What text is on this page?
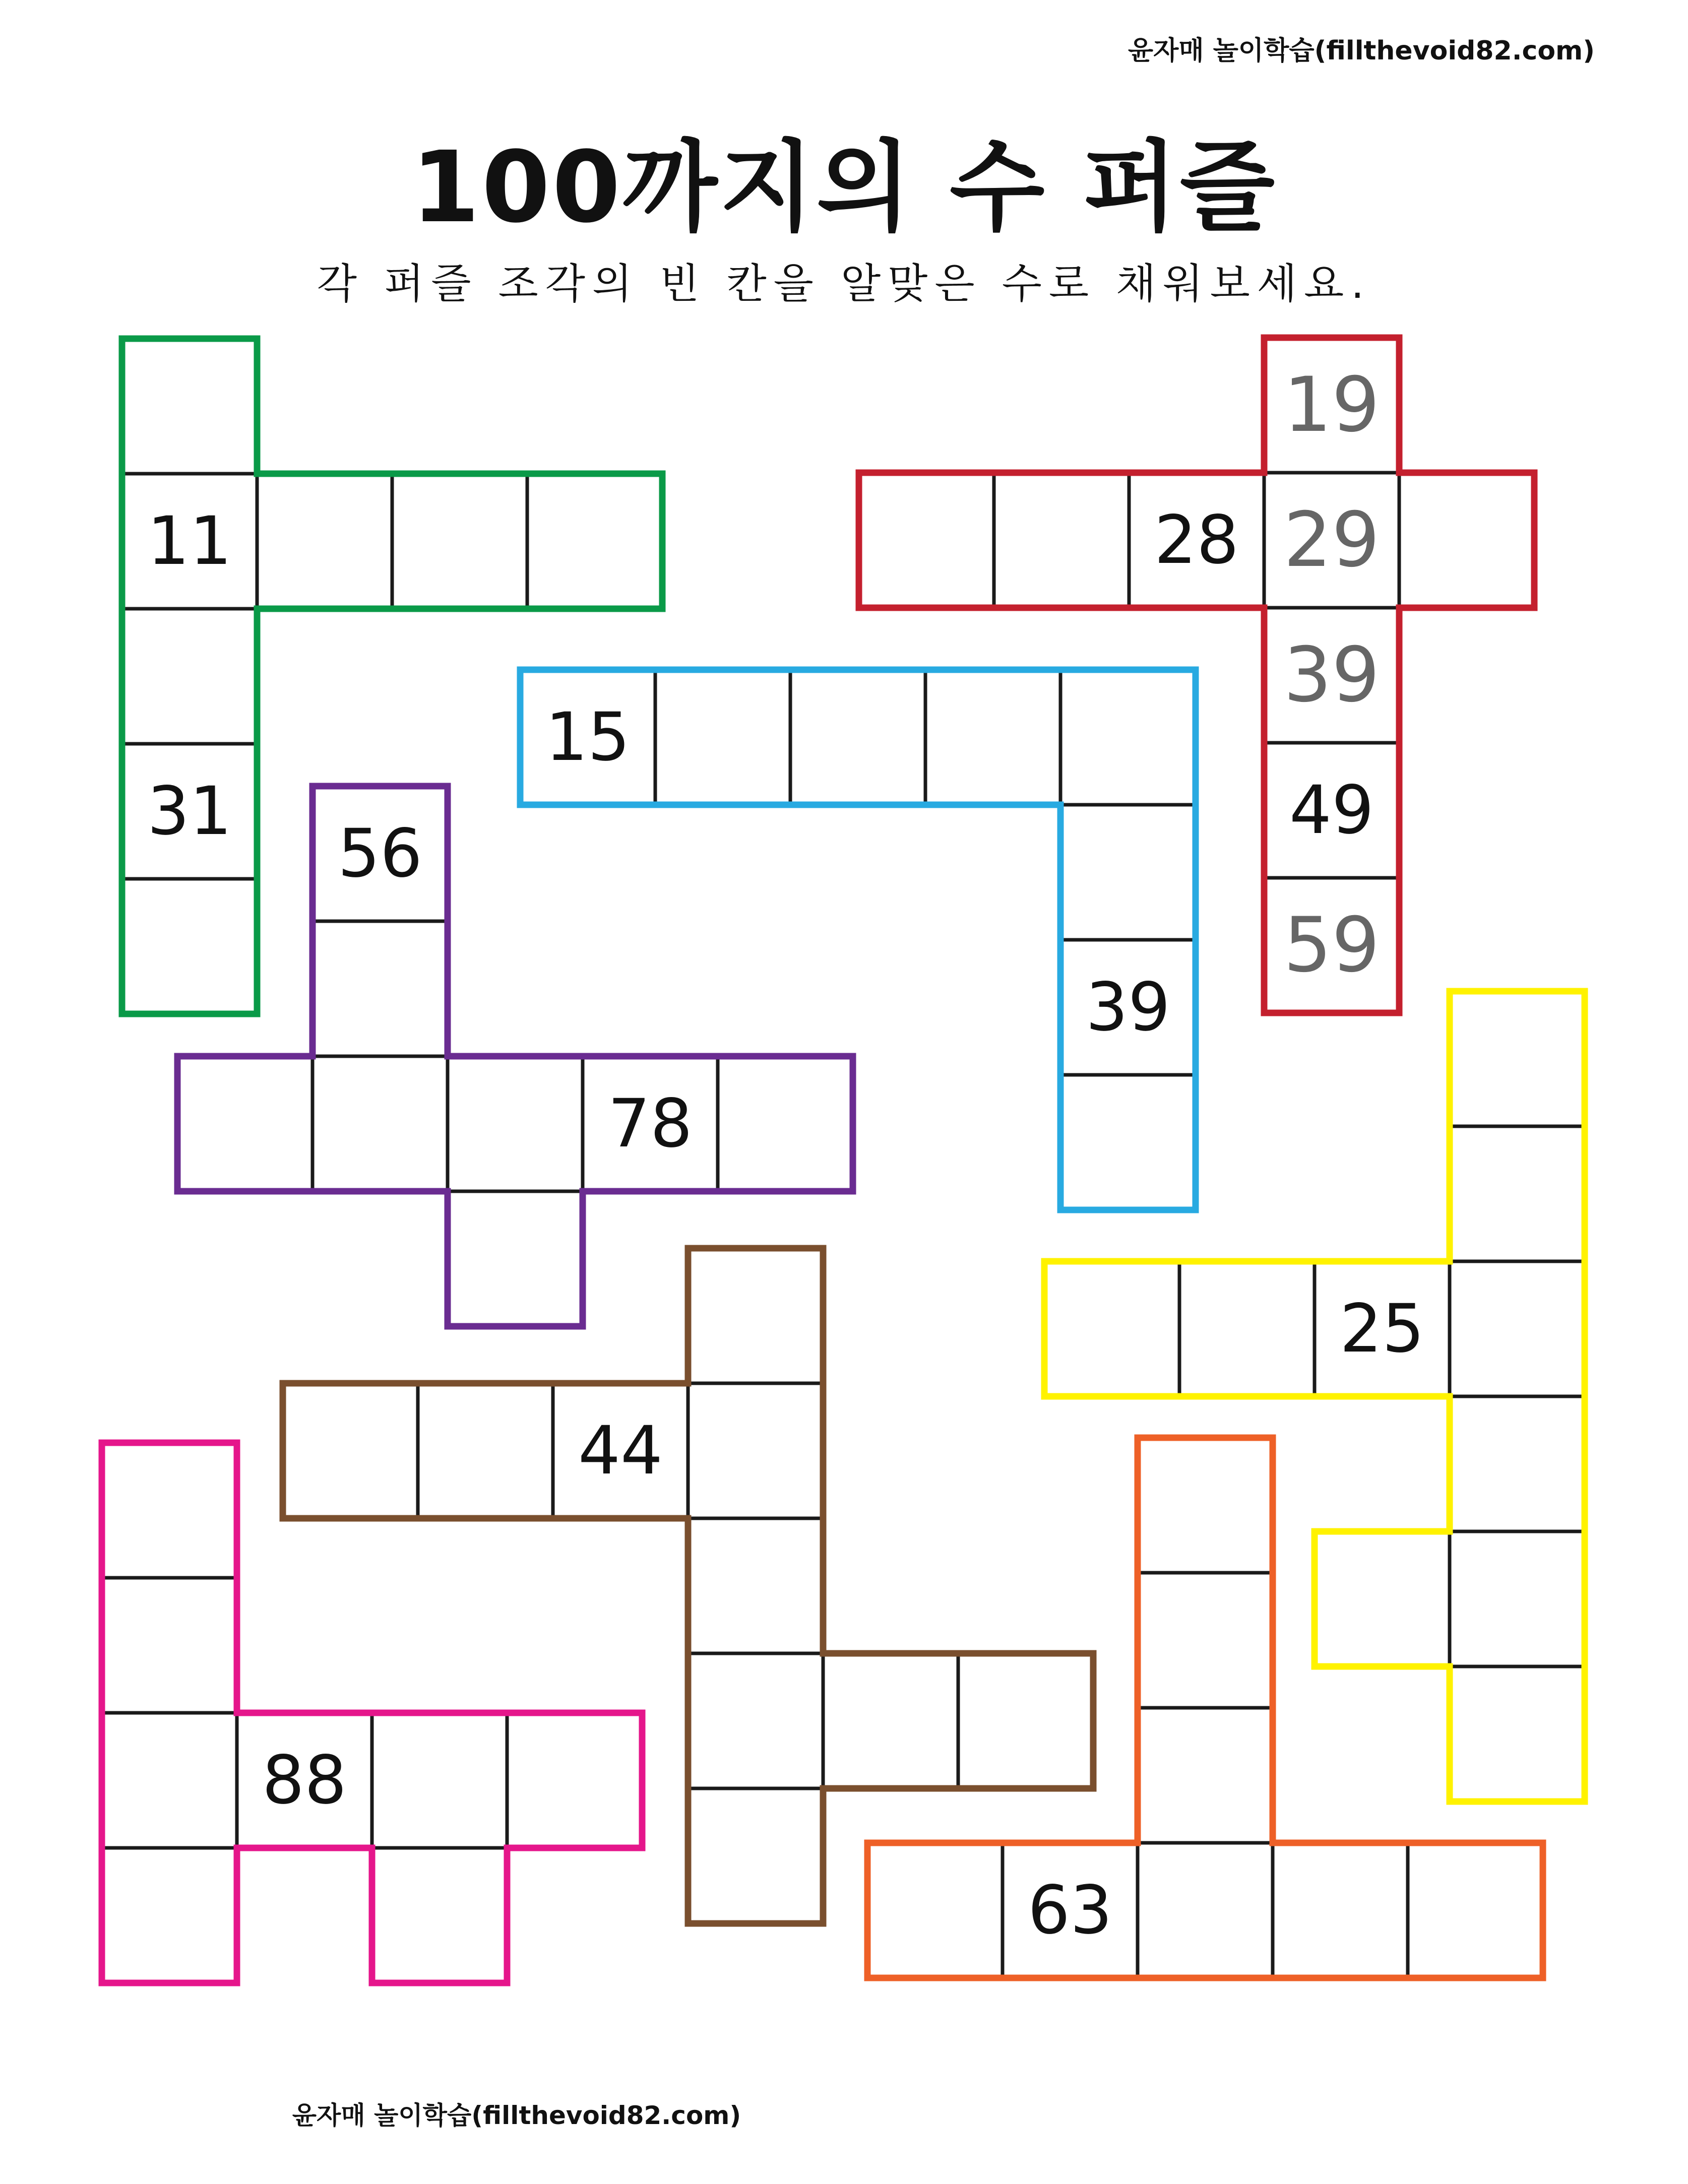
윤자매 놀이학습(fillthevoid82.com)
100까지의 수 퍼즐
각 퍼즐 조각의 빈 칸을 알맞은 수로 채워보세요.
11
31
19
28 29
39
49
59
15
39
56
78
25
44
88
63
윤자매 놀이학습(fillthevoid82.com)
